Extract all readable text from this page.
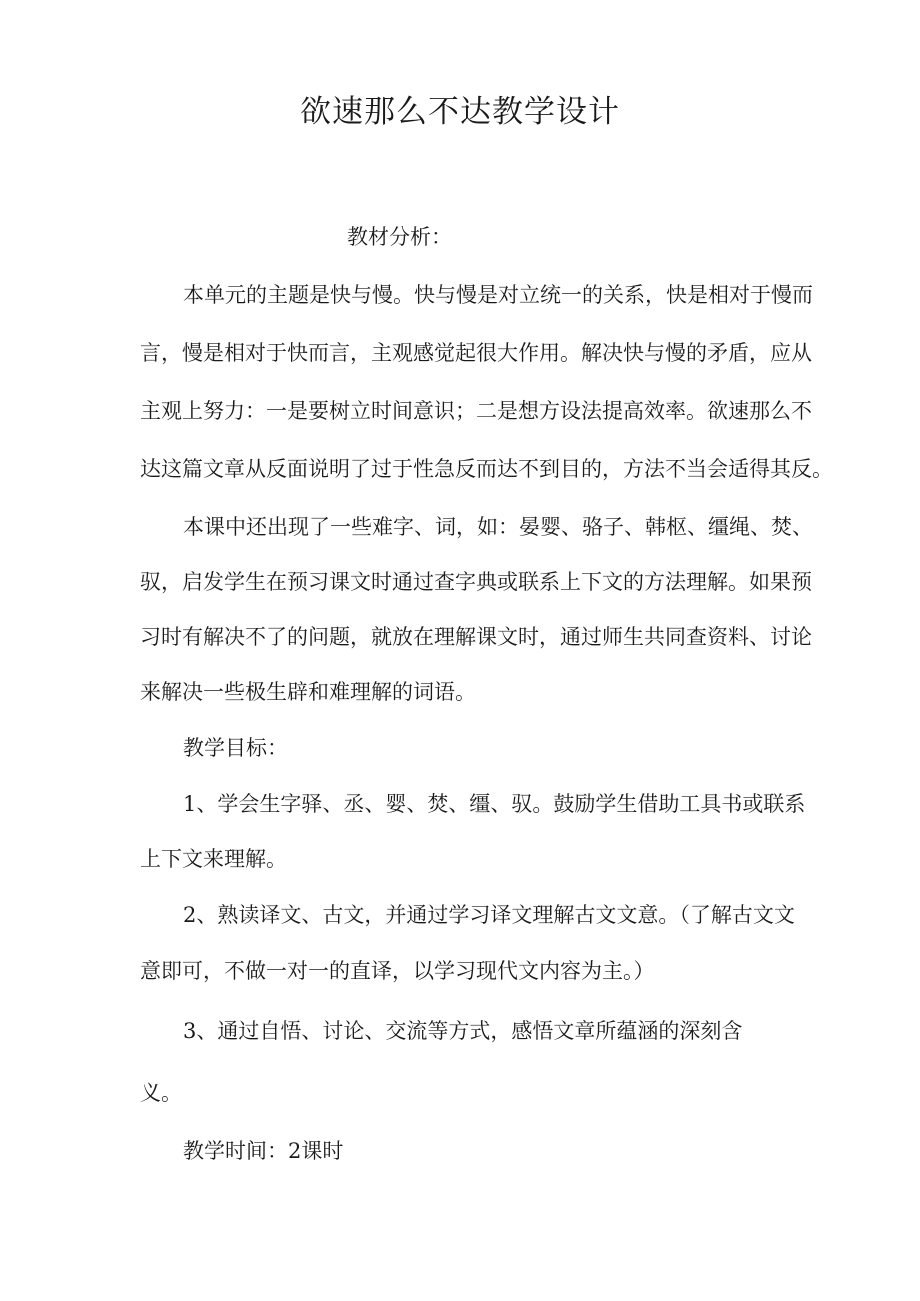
欲速那么不达教学设计
教材分析：
本单元的主题是快与慢。快与慢是对立统一的关系，快是相对于慢而
言，慢是相对于快而言，主观感觉起很大作用。解决快与慢的矛盾，应从
主观上努力：一是要树立时间意识；二是想方设法提高效率。欲速那么不
达这篇文章从反面说明了过于性急反而达不到目的，方法不当会适得其反。
本课中还出现了一些难字、词，如：晏婴、骆子、韩枢、缰绳、焚、
驭，启发学生在预习课文时通过查字典或联系上下文的方法理解。如果预
习时有解决不了的问题，就放在理解课文时，通过师生共同查资料、讨论
来解决一些极生辟和难理解的词语。
教学目标：
1、学会生字驿、丞、婴、焚、缰、驭。鼓励学生借助工具书或联系
上下文来理解。
2、熟读译文、古文，并通过学习译文理解古文文意。（了解古文文
意即可，不做一对一的直译，以学习现代文内容为主。）
3、通过自悟、讨论、交流等方式，感悟文章所蕴涵的深刻含
义。
教学时间：2课时
